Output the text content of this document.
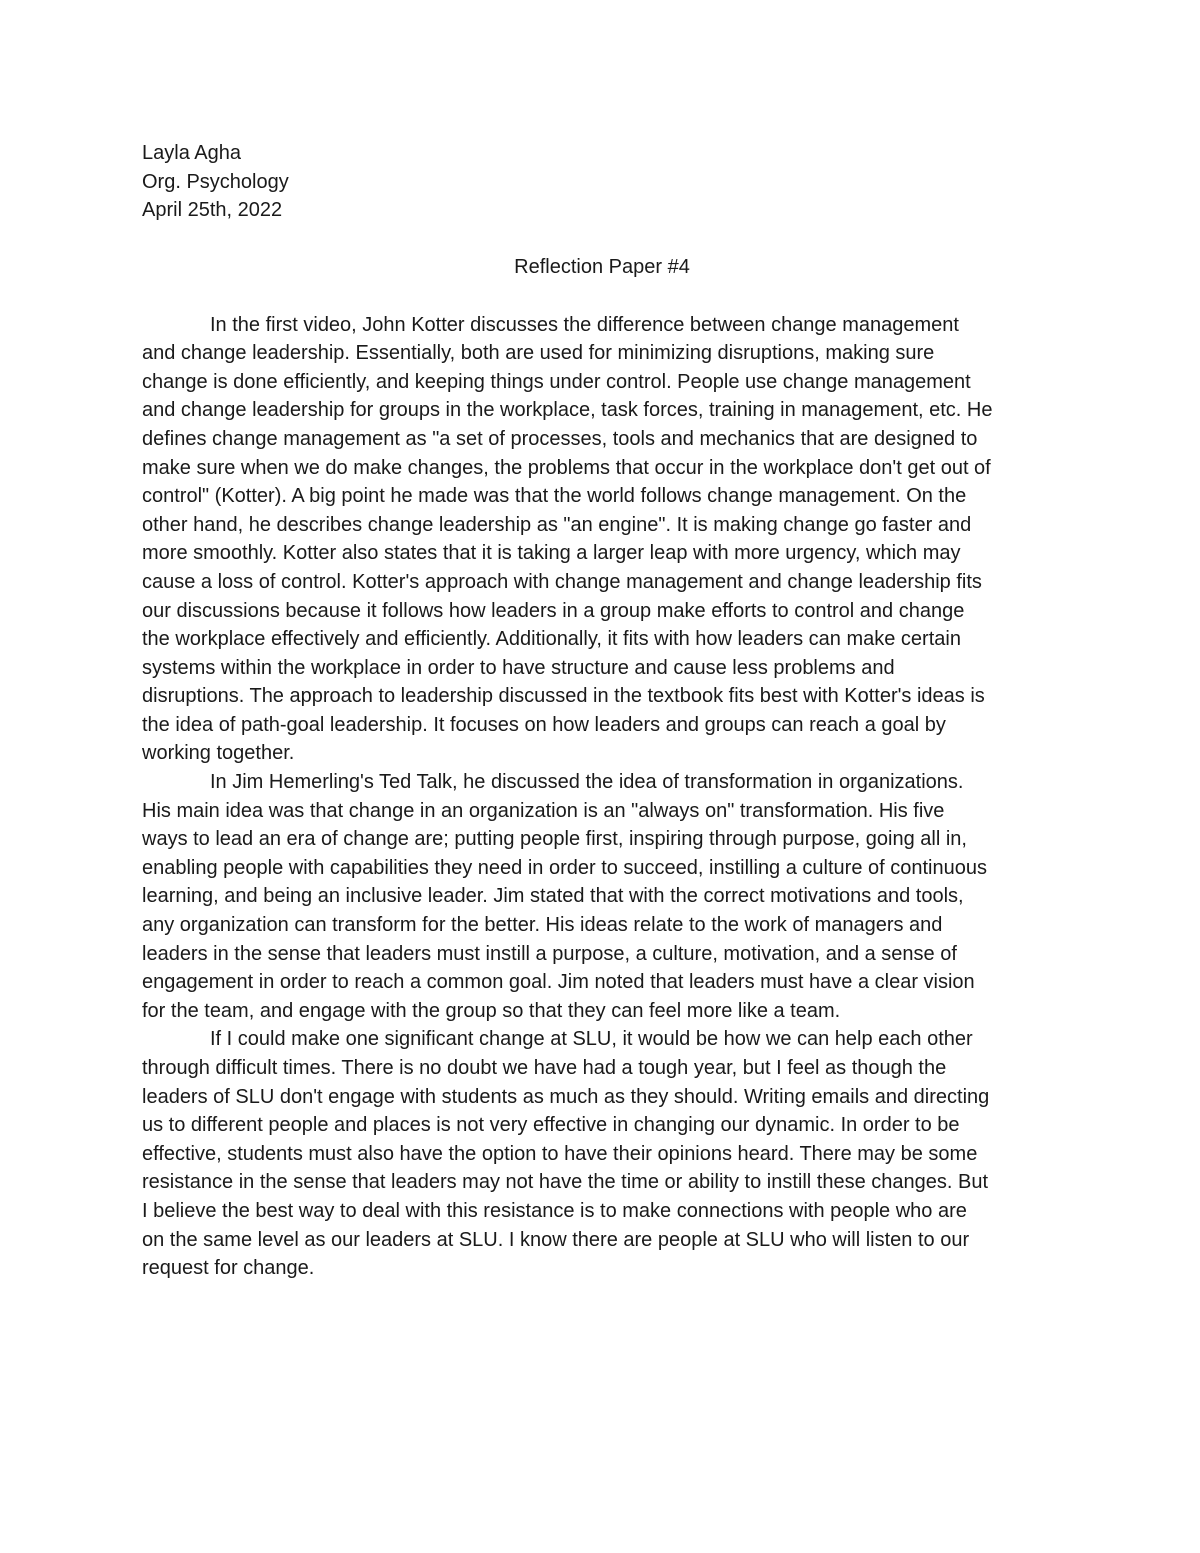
Layla Agha
Org. Psychology
April 25th, 2022
Reflection Paper #4
In the first video, John Kotter discusses the difference between change management
and change leadership. Essentially, both are used for minimizing disruptions, making sure
change is done efficiently, and keeping things under control. People use change management
and change leadership for groups in the workplace, task forces, training in management, etc. He
defines change management as "a set of processes, tools and mechanics that are designed to
make sure when we do make changes, the problems that occur in the workplace don't get out of
control" (Kotter). A big point he made was that the world follows change management. On the
other hand, he describes change leadership as "an engine". It is making change go faster and
more smoothly. Kotter also states that it is taking a larger leap with more urgency, which may
cause a loss of control. Kotter's approach with change management and change leadership fits
our discussions because it follows how leaders in a group make efforts to control and change
the workplace effectively and efficiently. Additionally, it fits with how leaders can make certain
systems within the workplace in order to have structure and cause less problems and
disruptions. The approach to leadership discussed in the textbook fits best with Kotter's ideas is
the idea of path-goal leadership. It focuses on how leaders and groups can reach a goal by
working together.
In Jim Hemerling's Ted Talk, he discussed the idea of transformation in organizations.
His main idea was that change in an organization is an "always on" transformation. His five
ways to lead an era of change are; putting people first, inspiring through purpose, going all in,
enabling people with capabilities they need in order to succeed, instilling a culture of continuous
learning, and being an inclusive leader. Jim stated that with the correct motivations and tools,
any organization can transform for the better. His ideas relate to the work of managers and
leaders in the sense that leaders must instill a purpose, a culture, motivation, and a sense of
engagement in order to reach a common goal. Jim noted that leaders must have a clear vision
for the team, and engage with the group so that they can feel more like a team.
If I could make one significant change at SLU, it would be how we can help each other
through difficult times. There is no doubt we have had a tough year, but I feel as though the
leaders of SLU don't engage with students as much as they should. Writing emails and directing
us to different people and places is not very effective in changing our dynamic. In order to be
effective, students must also have the option to have their opinions heard. There may be some
resistance in the sense that leaders may not have the time or ability to instill these changes. But
I believe the best way to deal with this resistance is to make connections with people who are
on the same level as our leaders at SLU. I know there are people at SLU who will listen to our
request for change.
